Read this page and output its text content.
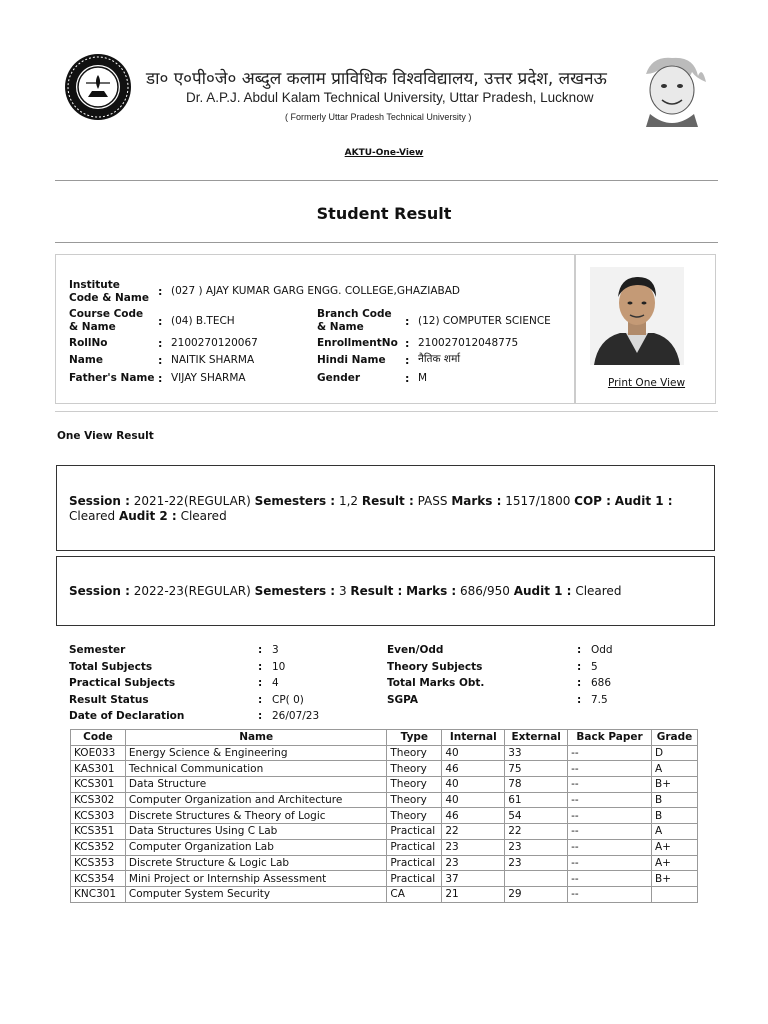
डा० ए०पी०जे० अब्दुल कलाम प्राविधिक विश्वविद्यालय, उत्तर प्रदेश, लखनऊ
Dr. A.P.J. Abdul Kalam Technical University, Uttar Pradesh, Lucknow
( Formerly Uttar Pradesh Technical University )
AKTU-One-View
Student Result
Institute Code & Name : (027 ) AJAY KUMAR GARG ENGG. COLLEGE,GHAZIABAD
Course Code & Name	: (04) B.TECH
Branch Code & Name	: (12) COMPUTER SCIENCE
RollNo	: 2100270120067	EnrollmentNo : 210027012048775
Name	: NAITIK SHARMA	Hindi Name : नैतिक शर्मा
Father's Name : VIJAY SHARMA	Gender	: M	Print One View
One View Result
Session : 2021-22(REGULAR) Semesters : 1,2 Result : PASS Marks : 1517/1800 COP : Audit 1 : Cleared Audit 2 : Cleared
Session : 2022-23(REGULAR) Semesters : 3 Result : Marks : 686/950 Audit 1 : Cleared
Semester	: 3	Even/Odd	: Odd
Total Subjects	: 10	Theory Subjects	: 5
Practical Subjects	: 4	Total Marks Obt.	: 686
Result Status	: CP( 0)	SGPA	: 7.5
Date of Declaration	: 26/07/23
Code	Name	Type	Internal	External	Back Paper	Grade
KOE033	Energy Science & Engineering	Theory	40	33	--	D
KAS301	Technical Communication	Theory	46	75	--	A
KCS301	Data Structure	Theory	40	78	--	B+
KCS302	Computer Organization and Architecture	Theory	40	61	--	B
KCS303	Discrete Structures & Theory of Logic	Theory	46	54	--	B
KCS351	Data Structures Using C Lab	Practical	22	22	--	A
KCS352	Computer Organization Lab	Practical	23	23	--	A+
KCS353	Discrete Structure & Logic Lab	Practical	23	23	--	A+
KCS354	Mini Project or Internship Assessment	Practical	37		--	B+
KNC301	Computer System Security	CA	21	29	--	
